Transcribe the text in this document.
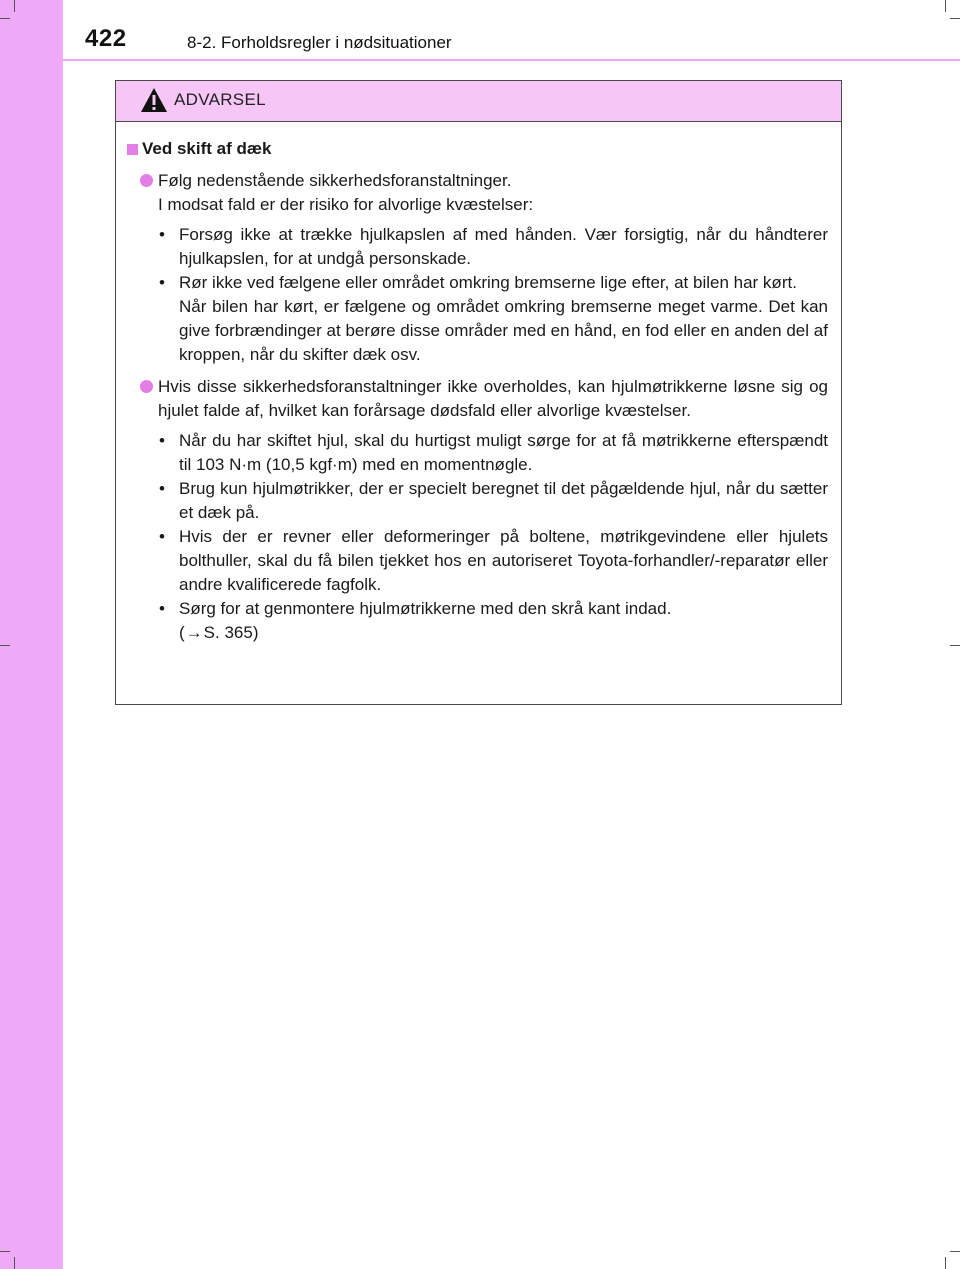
422	8-2. Forholdsregler i nødsituationer
ADVARSEL
Ved skift af dæk
Følg nedenstående sikkerhedsforanstaltninger.
I modsat fald er der risiko for alvorlige kvæstelser:
• Forsøg ikke at trække hjulkapslen af med hånden. Vær forsigtig, når du håndterer hjulkapslen, for at undgå personskade.
• Rør ikke ved fælgene eller området omkring bremserne lige efter, at bilen har kørt.
Når bilen har kørt, er fælgene og området omkring bremserne meget varme. Det kan give forbrændinger at berøre disse områder med en hånd, en fod eller en anden del af kroppen, når du skifter dæk osv.
Hvis disse sikkerhedsforanstaltninger ikke overholdes, kan hjulmøtrikkerne løsne sig og hjulet falde af, hvilket kan forårsage dødsfald eller alvorlige kvæstelser.
• Når du har skiftet hjul, skal du hurtigst muligt sørge for at få møtrikkerne efterspændt til 103 N·m (10,5 kgf·m) med en momentnøgle.
• Brug kun hjulmøtrikker, der er specielt beregnet til det pågældende hjul, når du sætter et dæk på.
• Hvis der er revner eller deformeringer på boltene, møtrikgevindene eller hjulets bolthuller, skal du få bilen tjekket hos en autoriseret Toyota-forhandler/-reparatør eller andre kvalificerede fagfolk.
• Sørg for at genmontere hjulmøtrikkerne med den skrå kant indad.
(→S. 365)
